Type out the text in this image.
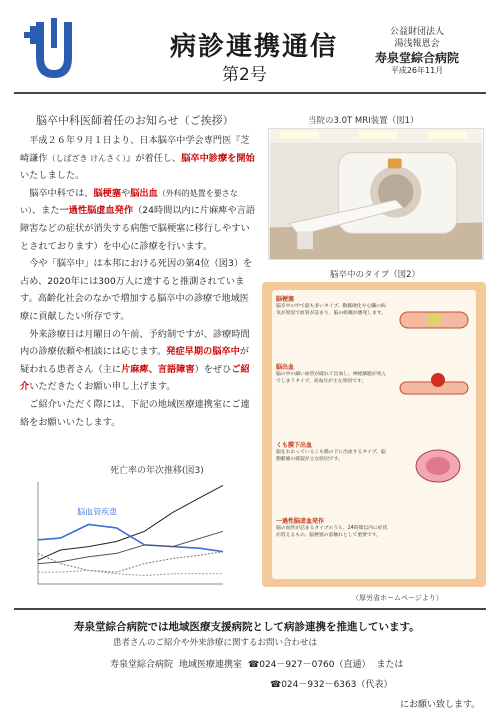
病診連携通信
第2号
公益財団法人
湯浅報恩会
寿泉堂綜合病院
平成26年11月
脳卒中科医師着任のお知らせ（ご挨拶）

平成２６年９月１日より、日本脳卒中学会専門医『芝崎謙作（しばざき けんさく）』が着任し、脳卒中診療を開始いたしました。

脳卒中科では、脳梗塞や脳出血（外科的処置を要さない）、また一過性脳虚血発作（24時間以内に片麻痺や言語障害などの症状が消失する病態で脳梗塞に移行しやすいとされております）を中心に診療を行います。

今や「脳卒中」は本邦における死因の第4位（図3）を占め、2020年には300万人に達すると推測されています。高齢化社会のなかで増加する脳卒中の診療で地域医療に貢献したい所存です。

外来診療日は月曜日の午前、予約制ですが、診療時間内の診療依頼や相談には応じます。発症早期の脳卒中が疑われる患者さん（主に片麻痺、言語障害）をぜひご紹介いただきたくお願い申し上げます。

ご紹介いただく際には、下記の地域医療連携室にご連絡をお願いいたします。

死亡率の年次推移(図3)
脳血管疾患
当院の3.0T MRI装置（図1）
脳卒中のタイプ（図2）
脳梗塞
脳卒中の中で最も多いタイプ。動脈硬化や心臓の病気が原因で血管が詰まり、脳の組織が壊死します。
脳出血
脳の中の細い血管が破れて出血し、神経細胞が死んでしまうタイプ。高血圧が主な原因です。
くも膜下出血
脳をおおっているくも膜の下に出血するタイプ。脳動脈瘤の破裂が主な原因です。
一過性脳虚血発作
脳の血管が詰まるタイプのうち、24時間以内に症状が消えるもの。脳梗塞の前触れとして重要です。
（厚労省ホームページより）
寿泉堂綜合病院では地域医療支援病院として病診連携を推進しています。
患者さんのご紹介や外来診療に関するお問い合わせは
寿泉堂綜合病院 地域医療連携室 ☎024－927－0760（直通） または
☎024－932－6363（代表）
にお願い致します。
